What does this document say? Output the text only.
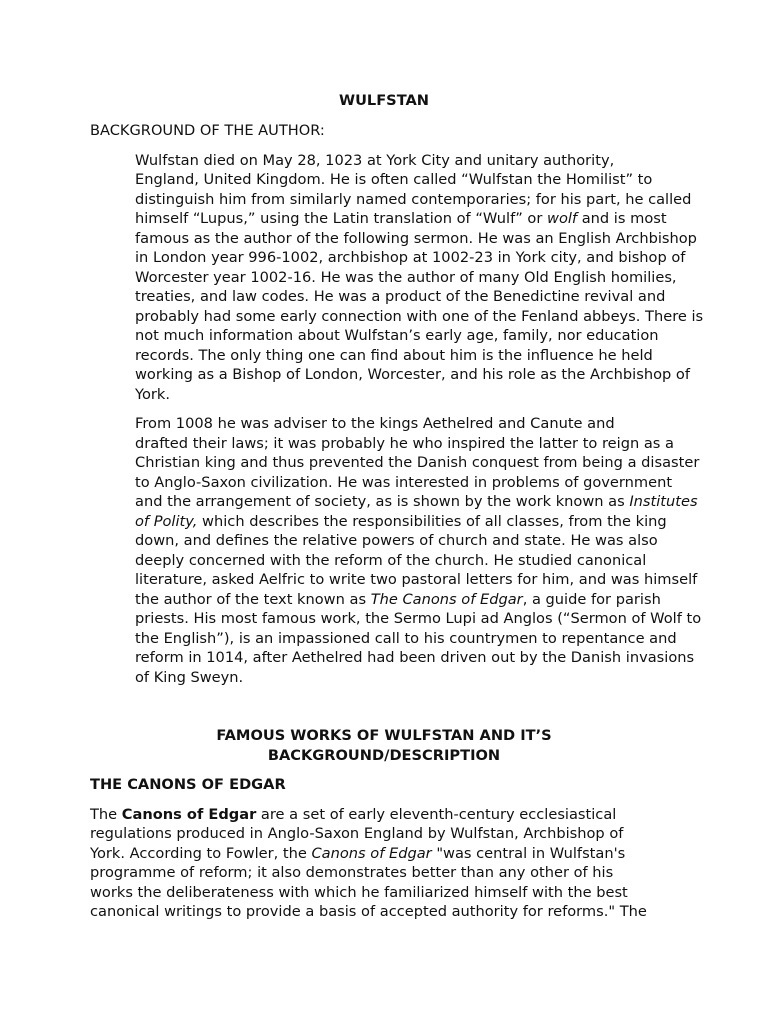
WULFSTAN
BACKGROUND OF THE AUTHOR:
Wulfstan died on May 28, 1023 at York City and unitary authority,
England, United Kingdom. He is often called “Wulfstan the Homilist” to
distinguish him from similarly named contemporaries; for his part, he called
himself “Lupus,” using the Latin translation of “Wulf” or wolf and is most
famous as the author of the following sermon. He was an English Archbishop
in London year 996-1002, archbishop at 1002-23 in York city, and bishop of
Worcester year 1002-16. He was the author of many Old English homilies,
treaties, and law codes. He was a product of the Benedictine revival and
probably had some early connection with one of the Fenland abbeys. There is
not much information about Wulfstan’s early age, family, nor education
records. The only thing one can find about him is the influence he held
working as a Bishop of London, Worcester, and his role as the Archbishop of
York.
From 1008 he was adviser to the kings Aethelred and Canute and
drafted their laws; it was probably he who inspired the latter to reign as a
Christian king and thus prevented the Danish conquest from being a disaster
to Anglo-Saxon civilization. He was interested in problems of government
and the arrangement of society, as is shown by the work known as Institutes
of Polity, which describes the responsibilities of all classes, from the king
down, and defines the relative powers of church and state. He was also
deeply concerned with the reform of the church. He studied canonical
literature, asked Aelfric to write two pastoral letters for him, and was himself
the author of the text known as The Canons of Edgar, a guide for parish
priests. His most famous work, the Sermo Lupi ad Anglos (“Sermon of Wolf to
the English”), is an impassioned call to his countrymen to repentance and
reform in 1014, after Aethelred had been driven out by the Danish invasions
of King Sweyn.
FAMOUS WORKS OF WULFSTAN AND IT’S
BACKGROUND/DESCRIPTION
THE CANONS OF EDGAR
The Canons of Edgar are a set of early eleventh-century ecclesiastical
regulations produced in Anglo-Saxon England by Wulfstan, Archbishop of
York. According to Fowler, the Canons of Edgar "was central in Wulfstan's
programme of reform; it also demonstrates better than any other of his
works the deliberateness with which he familiarized himself with the best
canonical writings to provide a basis of accepted authority for reforms." The
